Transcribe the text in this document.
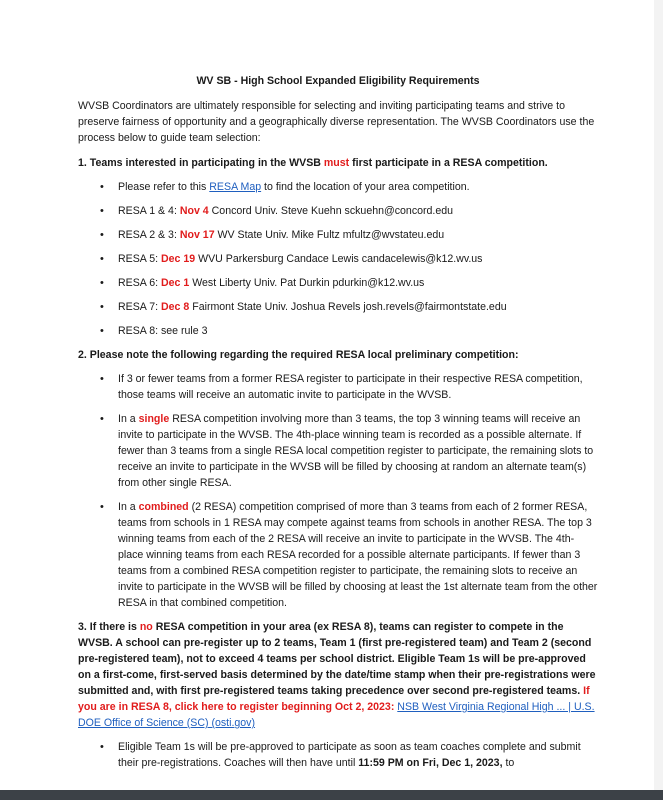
WV SB - High School Expanded Eligibility Requirements

WVSB Coordinators are ultimately responsible for selecting and inviting participating teams and strive to preserve fairness of opportunity and a geographically diverse representation. The WVSB Coordinators use the process below to guide team selection:

1. Teams interested in participating in the WVSB must first participate in a RESA competition.

• Please refer to this RESA Map to find the location of your area competition.
• RESA 1 & 4: Nov 4 Concord Univ. Steve Kuehn sckuehn@concord.edu
• RESA 2 & 3: Nov 17 WV State Univ. Mike Fultz mfultz@wvstateu.edu
• RESA 5: Dec 19 WVU Parkersburg Candace Lewis candacelewis@k12.wv.us
• RESA 6: Dec 1 West Liberty Univ. Pat Durkin pdurkin@k12.wv.us
• RESA 7: Dec 8 Fairmont State Univ. Joshua Revels josh.revels@fairmontstate.edu
• RESA 8: see rule 3

2. Please note the following regarding the required RESA local preliminary competition:

• If 3 or fewer teams from a former RESA register to participate in their respective RESA competition, those teams will receive an automatic invite to participate in the WVSB.
• In a single RESA competition involving more than 3 teams, the top 3 winning teams will receive an invite to participate in the WVSB. The 4th-place winning team is recorded as a possible alternate. If fewer than 3 teams from a single RESA local competition register to participate, the remaining slots to receive an invite to participate in the WVSB will be filled by choosing at random an alternate team(s) from other single RESA.
• In a combined (2 RESA) competition comprised of more than 3 teams from each of 2 former RESA, teams from schools in 1 RESA may compete against teams from schools in another RESA. The top 3 winning teams from each of the 2 RESA will receive an invite to participate in the WVSB. The 4th-place winning teams from each RESA recorded for a possible alternate participants. If fewer than 3 teams from a combined RESA competition register to participate, the remaining slots to receive an invite to participate in the WVSB will be filled by choosing at least the 1st alternate team from the other RESA in that combined competition.

3. If there is no RESA competition in your area (ex RESA 8), teams can register to compete in the WVSB. A school can pre-register up to 2 teams, Team 1 (first pre-registered team) and Team 2 (second pre-registered team), not to exceed 4 teams per school district. Eligible Team 1s will be pre-approved on a first-come, first-served basis determined by the date/time stamp when their pre-registrations were submitted and, with first pre-registered teams taking precedence over second pre-registered teams. If you are in RESA 8, click here to register beginning Oct 2, 2023: NSB West Virginia Regional High ... | U.S. DOE Office of Science (SC) (osti.gov)

• Eligible Team 1s will be pre-approved to participate as soon as team coaches complete and submit their pre-registrations. Coaches will then have until 11:59 PM on Fri, Dec 1, 2023, to
